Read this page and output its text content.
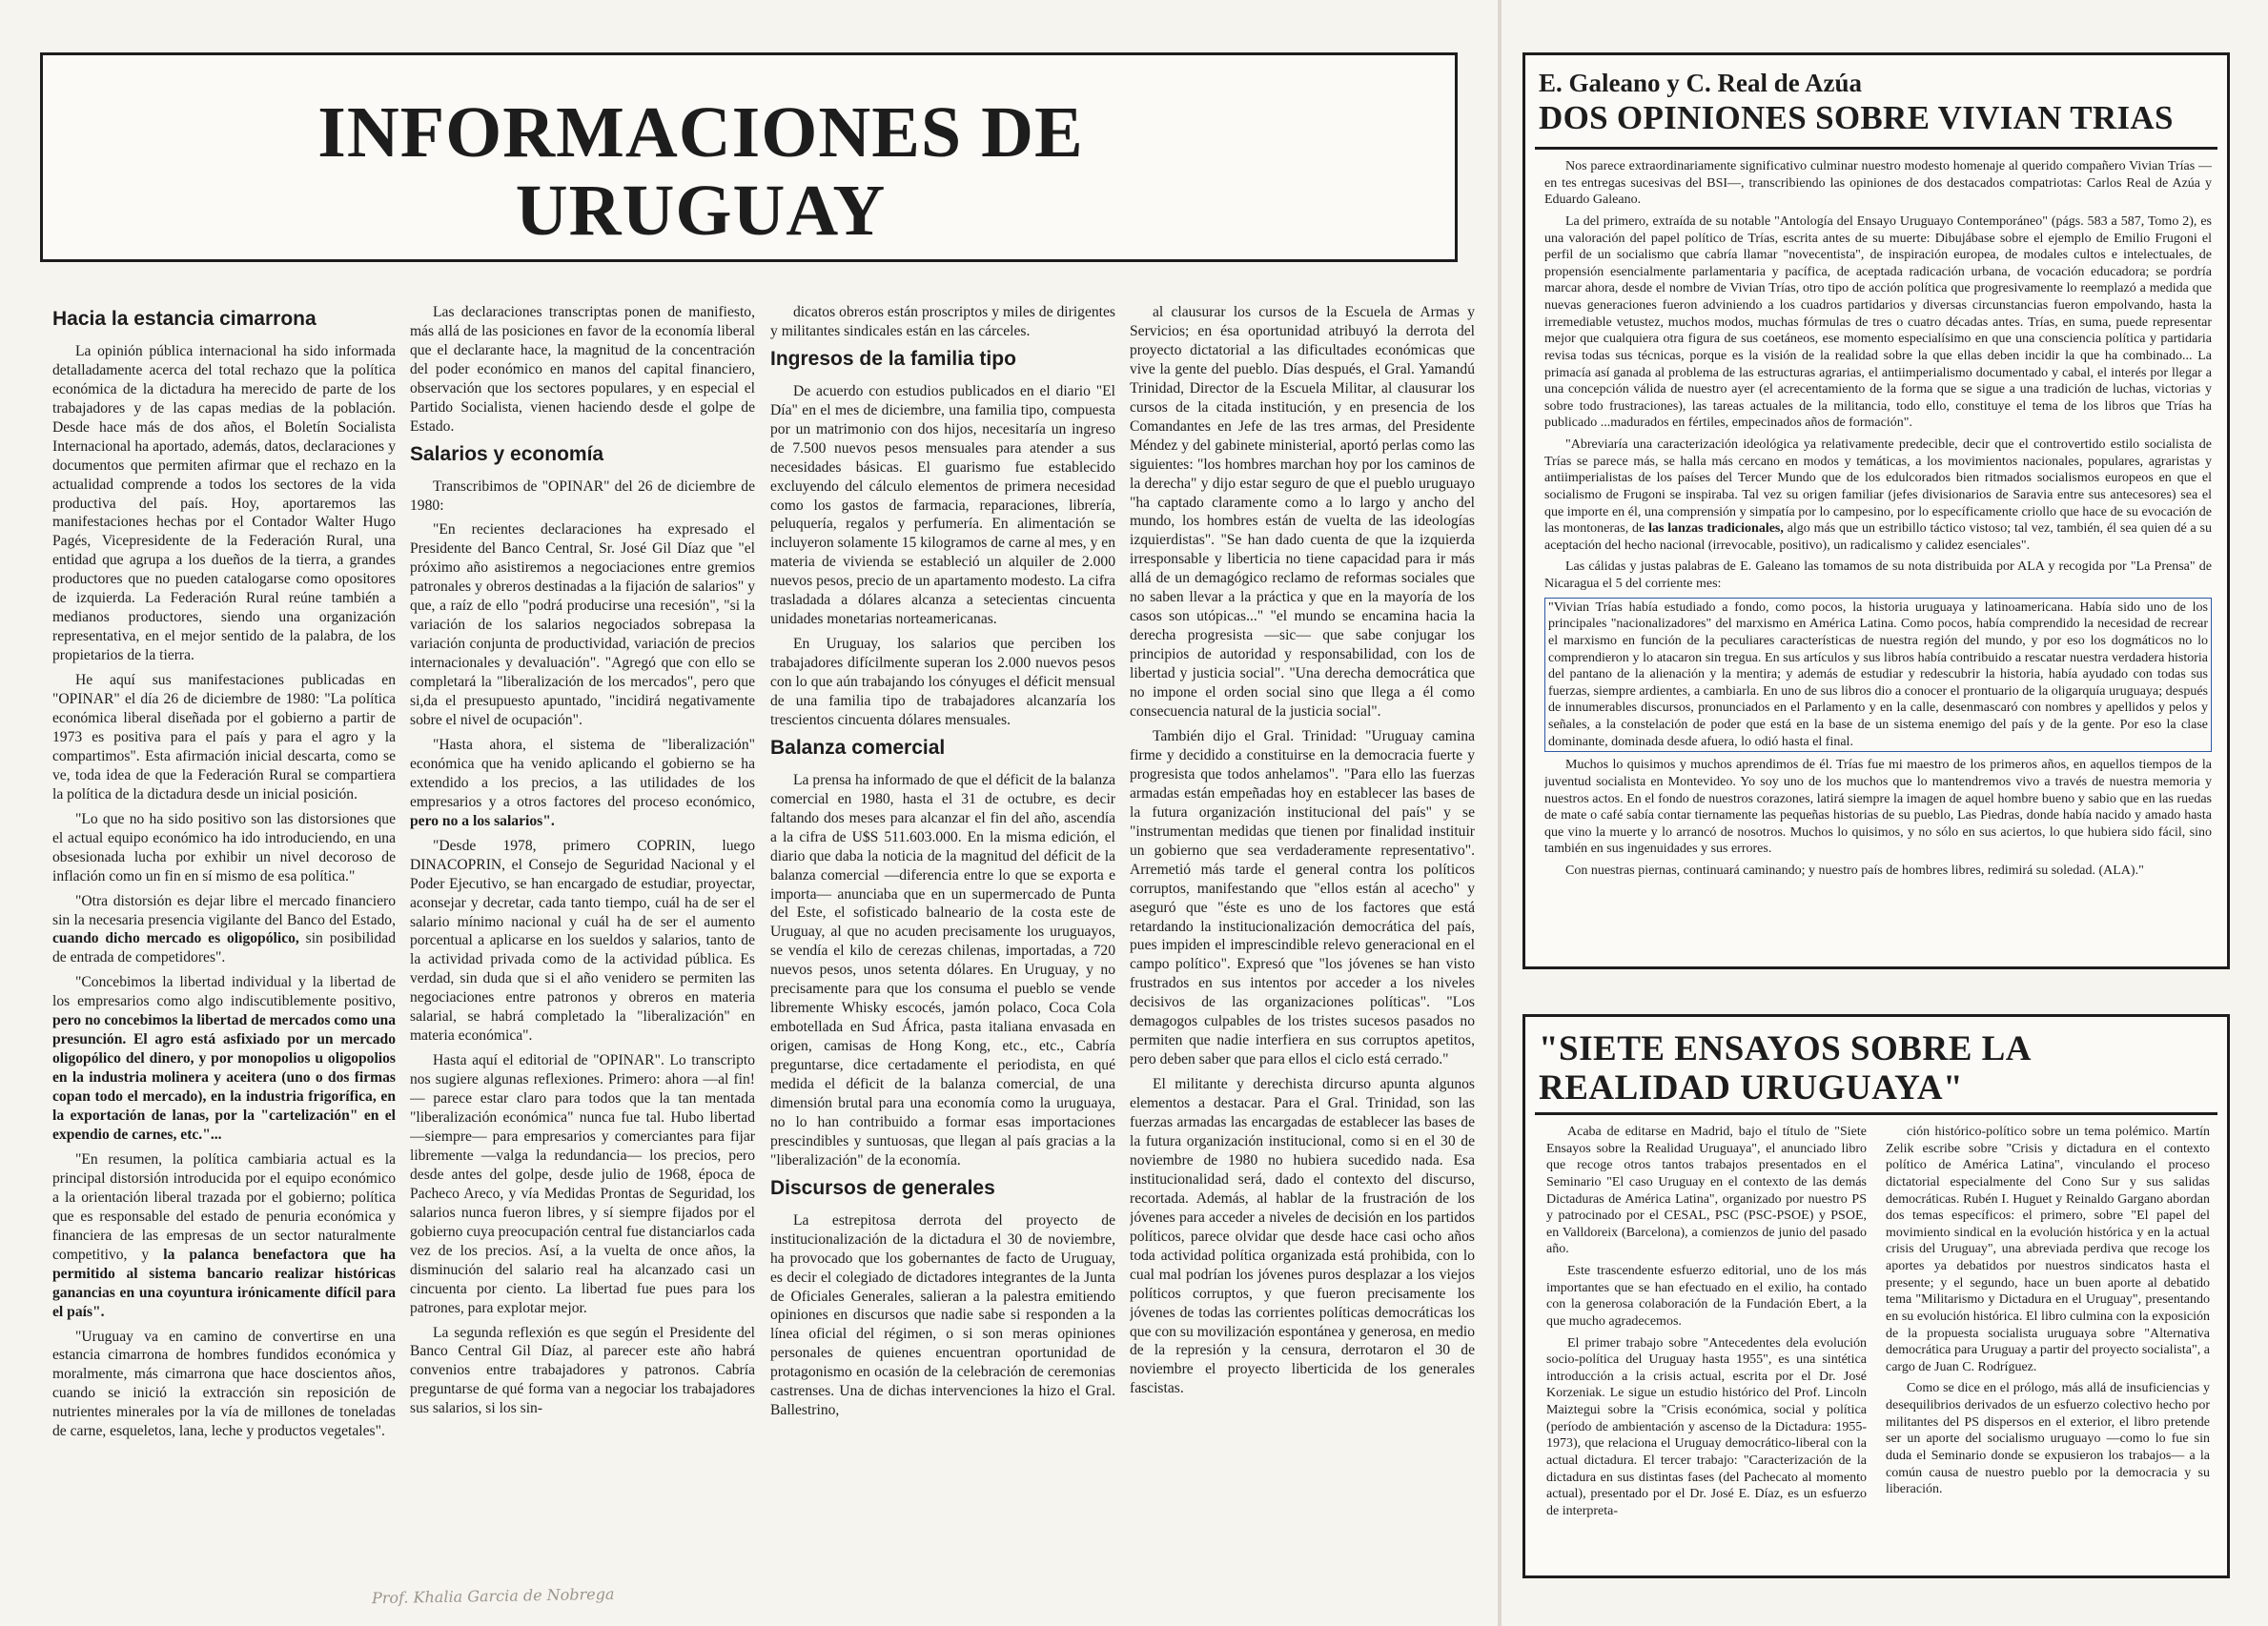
INFORMACIONES DE URUGUAY
Hacia la estancia cimarrona

La opinión pública internacional ha sido informada detalladamente acerca del total rechazo que la política económica de la dictadura ha merecido de parte de los trabajadores y de las capas medias de la población. Desde hace más de dos años, el Boletín Socialista Internacional ha aportado, además, datos, declaraciones y documentos que permiten afirmar que el rechazo en la actualidad comprende a todos los sectores de la vida productiva del país. Hoy, aportaremos las manifestaciones hechas por el Contador Walter Hugo Pagés, Vicepresidente de la Federación Rural, una entidad que agrupa a los dueños de la tierra, a grandes productores que no pueden catalogarse como opositores de izquierda. La Federación Rural reúne también a medianos productores, siendo una organización representativa, en el mejor sentido de la palabra, de los propietarios de la tierra.

He aquí sus manifestaciones publicadas en "OPINAR" el día 26 de diciembre de 1980: "La política económica liberal diseñada por el gobierno a partir de 1973 es positiva para el país y para el agro y la compartimos". Esta afirmación inicial descarta, como se ve, toda idea de que la Federación Rural se compartiera la política de la dictadura desde un inicial posición.

"Lo que no ha sido positivo son las distorsiones que el actual equipo económico ha ido introduciendo, en una obsesionada lucha por exhibir un nivel decoroso de inflación como un fin en sí mismo de esa política."

"Otra distorsión es dejar libre el mercado financiero sin la necesaria presencia vigilante del Banco del Estado, cuando dicho mercado es oligopólico, sin posibilidad de entrada de competidores".

"Concebimos la libertad individual y la libertad de los empresarios como algo indiscutiblemente positivo, pero no concebimos la libertad de mercados como una presunción. El agro está asfixiado por un mercado oligopólico del dinero, y por monopolios u oligopolios en la industria molinera y aceitera (uno o dos firmas copan todo el mercado), en la industria frigorífica, en la exportación de lanas, por la "cartelización" en el expendio de carnes, etc."...

"En resumen, la política cambiaria actual es la principal distorsión introducida por el equipo económico a la orientación liberal trazada por el gobierno; política que es responsable del estado de penuria económica y financiera de las empresas de un sector naturalmente competitivo, y la palanca benefactora que ha permitido al sistema bancario realizar históricas ganancias en una coyuntura irónicamente difícil para el país".

"Uruguay va en camino de convertirse en una estancia cimarrona de hombres fundidos económica y moralmente, más cimarrona que hace doscientos años, cuando se inició la extracción sin reposición de nutrientes minerales por la vía de millones de toneladas de carne, esqueletos, lana, leche y productos vegetales".

Las declaraciones transcriptas ponen de manifiesto, más allá de las posiciones en favor de la economía liberal que el declarante hace, la magnitud de la concentración del poder económico en manos del capital financiero, observación que los sectores populares, y en especial el Partido Socialista, vienen haciendo desde el golpe de Estado.

Salarios y economía

Transcribimos de "OPINAR" del 26 de diciembre de 1980:

"En recientes declaraciones ha expresado el Presidente del Banco Central, Sr. José Gil Díaz que "el próximo año asistiremos a negociaciones entre gremios patronales y obreros destinadas a la fijación de salarios" y que, a raíz de ello "podrá producirse una recesión", "si la variación de los salarios negociados sobrepasa la variación conjunta de productividad, variación de precios internacionales y devaluación". "Agregó que con ello se completará la "liberalización de los mercados", pero que si,da el presupuesto apuntado, "incidirá negativamente sobre el nivel de ocupación".

"Hasta ahora, el sistema de "liberalización" económica que ha venido aplicando el gobierno se ha extendido a los precios, a las utilidades de los empresarios y a otros factores del proceso económico, pero no a los salarios".

"Desde 1978, primero COPRIN, luego DINACOPRIN, el Consejo de Seguridad Nacional y el Poder Ejecutivo, se han encargado de estudiar, proyectar, aconsejar y decretar, cada tanto tiempo, cuál ha de ser el salario mínimo nacional y cuál ha de ser el aumento porcentual a aplicarse en los sueldos y salarios, tanto de la actividad privada como de la actividad pública. Es verdad, sin duda que si el año venidero se permiten las negociaciones entre patronos y obreros en materia salarial, se habrá completado la "liberalización" en materia económica".

Hasta aquí el editorial de "OPINAR". Lo transcripto nos sugiere algunas reflexiones. Primero: ahora —al fin!— parece estar claro para todos que la tan mentada "liberalización económica" nunca fue tal. Hubo libertad —siempre— para empresarios y comerciantes para fijar libremente —valga la redundancia— los precios, pero desde antes del golpe, desde julio de 1968, época de Pacheco Areco, y vía Medidas Prontas de Seguridad, los salarios nunca fueron libres, y sí siempre fijados por el gobierno cuya preocupación central fue distanciarlos cada vez de los precios. Así, a la vuelta de once años, la disminución del salario real ha alcanzado casi un cincuenta por ciento. La libertad fue pues para los patrones, para explotar mejor.

La segunda reflexión es que según el Presidente del Banco Central Gil Díaz, al parecer este año habrá convenios entre trabajadores y patronos. Cabría preguntarse de qué forma van a negociar los trabajadores sus salarios, si los sin-

dicatos obreros están proscriptos y miles de dirigentes y militantes sindicales están en las cárceles.

Ingresos de la familia tipo

De acuerdo con estudios publicados en el diario "El Día" en el mes de diciembre, una familia tipo, compuesta por un matrimonio con dos hijos, necesitaría un ingreso de 7.500 nuevos pesos mensuales para atender a sus necesidades básicas. El guarismo fue establecido excluyendo del cálculo elementos de primera necesidad como los gastos de farmacia, reparaciones, librería, peluquería, regalos y perfumería. En alimentación se incluyeron solamente 15 kilogramos de carne al mes, y en materia de vivienda se estableció un alquiler de 2.000 nuevos pesos, precio de un apartamento modesto. La cifra trasladada a dólares alcanza a setecientas cincuenta unidades monetarias norteamericanas.

En Uruguay, los salarios que perciben los trabajadores difícilmente superan los 2.000 nuevos pesos con lo que aún trabajando los cónyuges el déficit mensual de una familia tipo de trabajadores alcanzaría los trescientos cincuenta dólares mensuales.

Balanza comercial

La prensa ha informado de que el déficit de la balanza comercial en 1980, hasta el 31 de octubre, es decir faltando dos meses para alcanzar el fin del año, ascendía a la cifra de U$S 511.603.000. En la misma edición, el diario que daba la noticia de la magnitud del déficit de la balanza comercial —diferencia entre lo que se exporta e importa— anunciaba que en un supermercado de Punta del Este, el sofisticado balneario de la costa este de Uruguay, al que no acuden precisamente los uruguayos, se vendía el kilo de cerezas chilenas, importadas, a 720 nuevos pesos, unos setenta dólares. En Uruguay, y no precisamente para que los consuma el pueblo se vende libremente Whisky escocés, jamón polaco, Coca Cola embotellada en Sud África, pasta italiana envasada en origen, camisas de Hong Kong, etc., etc., Cabría preguntarse, dice certadamente el periodista, en qué medida el déficit de la balanza comercial, de una dimensión brutal para una economía como la uruguaya, no lo han contribuido a formar esas importaciones prescindibles y suntuosas, que llegan al país gracias a la "liberalización" de la economía.

Discursos de generales

La estrepitosa derrota del proyecto de institucionalización de la dictadura el 30 de noviembre, ha provocado que los gobernantes de facto de Uruguay, es decir el colegiado de dictadores integrantes de la Junta de Oficiales Generales, salieran a la palestra emitiendo opiniones en discursos que nadie sabe si responden a la línea oficial del régimen, o si son meras opiniones personales de quienes encuentran oportunidad de protagonismo en ocasión de la celebración de ceremonias castrenses. Una de dichas intervenciones la hizo el Gral. Ballestrino,

al clausurar los cursos de la Escuela de Armas y Servicios; en ésa oportunidad atribuyó la derrota del proyecto dictatorial a las dificultades económicas que vive la gente del pueblo. Días después, el Gral. Yamandú Trinidad, Director de la Escuela Militar, al clausurar los cursos de la citada institución, y en presencia de los Comandantes en Jefe de las tres armas, del Presidente Méndez y del gabinete ministerial, aportó perlas como las siguientes: "los hombres marchan hoy por los caminos de la derecha" y dijo estar seguro de que el pueblo uruguayo "ha captado claramente como a lo largo y ancho del mundo, los hombres están de vuelta de las ideologías izquierdistas". "Se han dado cuenta de que la izquierda irresponsable y liberticia no tiene capacidad para ir más allá de un demagógico reclamo de reformas sociales que no saben llevar a la práctica y que en la mayoría de los casos son utópicas..." "el mundo se encamina hacia la derecha progresista —sic— que sabe conjugar los principios de autoridad y responsabilidad, con los de libertad y justicia social". "Una derecha democrática que no impone el orden social sino que llega a él como consecuencia natural de la justicia social".

También dijo el Gral. Trinidad: "Uruguay camina firme y decidido a constituirse en la democracia fuerte y progresista que todos anhelamos". "Para ello las fuerzas armadas están empeñadas hoy en establecer las bases de la futura organización institucional del país" y se "instrumentan medidas que tienen por finalidad instituir un gobierno que sea verdaderamente representativo". Arremetió más tarde el general contra los políticos corruptos, manifestando que "ellos están al acecho" y aseguró que "éste es uno de los factores que está retardando la institucionalización democrática del país, pues impiden el imprescindible relevo generacional en el campo político". Expresó que "los jóvenes se han visto frustrados en sus intentos por acceder a los niveles decisivos de las organizaciones políticas". "Los demagogos culpables de los tristes sucesos pasados no permiten que nadie interfiera en sus corruptos apetitos, pero deben saber que para ellos el ciclo está cerrado."

El militante y derechista dircurso apunta algunos elementos a destacar. Para el Gral. Trinidad, son las fuerzas armadas las encargadas de establecer las bases de la futura organización institucional, como si en el 30 de noviembre de 1980 no hubiera sucedido nada. Esa institucionalidad será, dado el contexto del discurso, recortada. Además, al hablar de la frustración de los jóvenes para acceder a niveles de decisión en los partidos políticos, parece olvidar que desde hace casi ocho años toda actividad política organizada está prohibida, con lo cual mal podrían los jóvenes puros desplazar a los viejos políticos corruptos, y que fueron precisamente los jóvenes de todas las corrientes políticas democráticas los que con su movilización espontánea y generosa, en medio de la represión y la censura, derrotaron el 30 de noviembre el proyecto liberticida de los generales fascistas.

E. Galeano y C. Real de Azúa
DOS OPINIONES SOBRE VIVIAN TRIAS

Nos parece extraordinariamente significativo culminar nuestro modesto homenaje al querido compañero Vivian Trías —en tes entregas sucesivas del BSI—, transcribiendo las opiniones de dos destacados compatriotas: Carlos Real de Azúa y Eduardo Galeano.

La del primero, extraída de su notable "Antología del Ensayo Uruguayo Contemporáneo" (págs. 583 a 587, Tomo 2), es una valoración del papel político de Trías, escrita antes de su muerte: Dibujábase sobre el ejemplo de Emilio Frugoni el perfil de un socialismo que cabría llamar "novecentista", de inspiración europea, de modales cultos e intelectuales, de propensión esencialmente parlamentaria y pacífica, de aceptada radicación urbana, de vocación educadora; se pordría marcar ahora, desde el nombre de Vivian Trías, otro tipo de acción política que progresivamente lo reemplazó a medida que nuevas generaciones fueron adviniendo a los cuadros partidarios y diversas circunstancias fueron empolvando, hasta la irremediable vetustez, muchos modos, muchas fórmulas de tres o cuatro décadas antes. Trías, en suma, puede representar mejor que cualquiera otra figura de sus coetáneos, ese momento especialísimo en que una consciencia política y partidaria revisa todas sus técnicas, porque es la visión de la realidad sobre la que ellas deben incidir la que ha combinado... La primacía así ganada al problema de las estructuras agrarias, el antiimperialismo documentado y cabal, el interés por llegar a una concepción válida de nuestro ayer (el acrecentamiento de la forma que se sigue a una tradición de luchas, victorias y sobre todo frustraciones), las tareas actuales de la militancia, todo ello, constituye el tema de los libros que Trías ha publicado ...madurados en fértiles, empecinados años de formación".

"Abreviaría una caracterización ideológica ya relativamente predecible, decir que el controvertido estilo socialista de Trías se parece más, se halla más cercano en modos y temáticas, a los movimientos nacionales, populares, agraristas y antiimperialistas de los países del Tercer Mundo que de los edulcorados bien ritmados socialismos europeos en que el socialismo de Frugoni se inspiraba. Tal vez su origen familiar (jefes divisionarios de Saravia entre sus antecesores) sea el que importe en él, una comprensión y simpatía por lo campesino, por lo específicamente criollo que hace de su evocación de las montoneras, de las lanzas tradicionales, algo más que un estribillo táctico vistoso; tal vez, también, él sea quien dé a su aceptación del hecho nacional (irrevocable, positivo), un radicalismo y calidez esenciales".

Las cálidas y justas palabras de E. Galeano las tomamos de su nota distribuida por ALA y recogida por "La Prensa" de Nicaragua el 5 del corriente mes:

"Vivian Trías había estudiado a fondo, como pocos, la historia uruguaya y latinoamericana. Había sido uno de los principales "nacionalizadores" del marxismo en América Latina. Como pocos, había comprendido la necesidad de recrear el marxismo en función de la peculiares características de nuestra región del mundo, y por eso los dogmáticos no lo comprendieron y lo atacaron sin tregua. En sus artículos y sus libros había contribuido a rescatar nuestra verdadera historia del pantano de la alienación y la mentira; y además de estudiar y redescubrir la historia, había ayudado con todas sus fuerzas, siempre ardientes, a cambiarla. En uno de sus libros dio a conocer el prontuario de la oligarquía uruguaya; después de innumerables discursos, pronunciados en el Parlamento y en la calle, desenmascaró con nombres y apellidos y pelos y señales, a la constelación de poder que está en la base de un sistema enemigo del país y de la gente. Por eso la clase dominante, dominada desde afuera, lo odió hasta el final.

Muchos lo quisimos y muchos aprendimos de él. Trías fue mi maestro de los primeros años, en aquellos tiempos de la juventud socialista en Montevideo. Yo soy uno de los muchos que lo mantendremos vivo a través de nuestra memoria y nuestros actos. En el fondo de nuestros corazones, latirá siempre la imagen de aquel hombre bueno y sabio que en las ruedas de mate o café sabía contar tiernamente las pequeñas historias de su pueblo, Las Piedras, donde había nacido y amado hasta que vino la muerte y lo arrancó de nosotros. Muchos lo quisimos, y no sólo en sus aciertos, lo que hubiera sido fácil, sino también en sus ingenuidades y sus errores.

Con nuestras piernas, continuará caminando; y nuestro país de hombres libres, redimirá su soledad. (ALA)."

"SIETE ENSAYOS SOBRE LA REALIDAD URUGUAYA"

Acaba de editarse en Madrid, bajo el título de "Siete Ensayos sobre la Realidad Uruguaya", el anunciado libro que recoge otros tantos trabajos presentados en el Seminario "El caso Uruguay en el contexto de las demás Dictaduras de América Latina", organizado por nuestro PS y patrocinado por el CESAL, PSC (PSC-PSOE) y PSOE, en Valldoreix (Barcelona), a comienzos de junio del pasado año.

Este trascendente esfuerzo editorial, uno de los más importantes que se han efectuado en el exilio, ha contado con la generosa colaboración de la Fundación Ebert, a la que mucho agradecemos.

El primer trabajo sobre "Antecedentes dela evolución socio-política del Uruguay hasta 1955", es una sintética introducción a la crisis actual, escrita por el Dr. José Korzeniak. Le sigue un estudio histórico del Prof. Lincoln Maiztegui sobre la "Crisis económica, social y política (período de ambientación y ascenso de la Dictadura: 1955-1973), que relaciona el Uruguay democrático-liberal con la actual dictadura. El tercer trabajo: "Caracterización de la dictadura en sus distintas fases (del Pachecato al momento actual), presentado por el Dr. José E. Díaz, es un esfuerzo de interpreta-

ción histórico-político sobre un tema polémico. Martín Zelik escribe sobre "Crisis y dictadura en el contexto político de América Latina", vinculando el proceso dictatorial especialmente del Cono Sur y sus salidas democráticas. Rubén I. Huguet y Reinaldo Gargano abordan dos temas específicos: el primero, sobre "El papel del movimiento sindical en la evolución histórica y en la actual crisis del Uruguay", una abreviada perdiva que recoge los aportes ya debatidos por nuestros sindicatos hasta el presente; y el segundo, hace un buen aporte al debatido tema "Militarismo y Dictadura en el Uruguay", presentando en su evolución histórica. El libro culmina con la exposición de la propuesta socialista uruguaya sobre "Alternativa democrática para Uruguay a partir del proyecto socialista", a cargo de Juan C. Rodríguez.

Como se dice en el prólogo, más allá de insuficiencias y desequilibrios derivados de un esfuerzo colectivo hecho por militantes del PS dispersos en el exterior, el libro pretende ser un aporte del socialismo uruguayo —como lo fue sin duda el Seminario donde se expusieron los trabajos— a la común causa de nuestro pueblo por la democracia y su liberación.

Prof. Khalia Garcia de Nobrega
